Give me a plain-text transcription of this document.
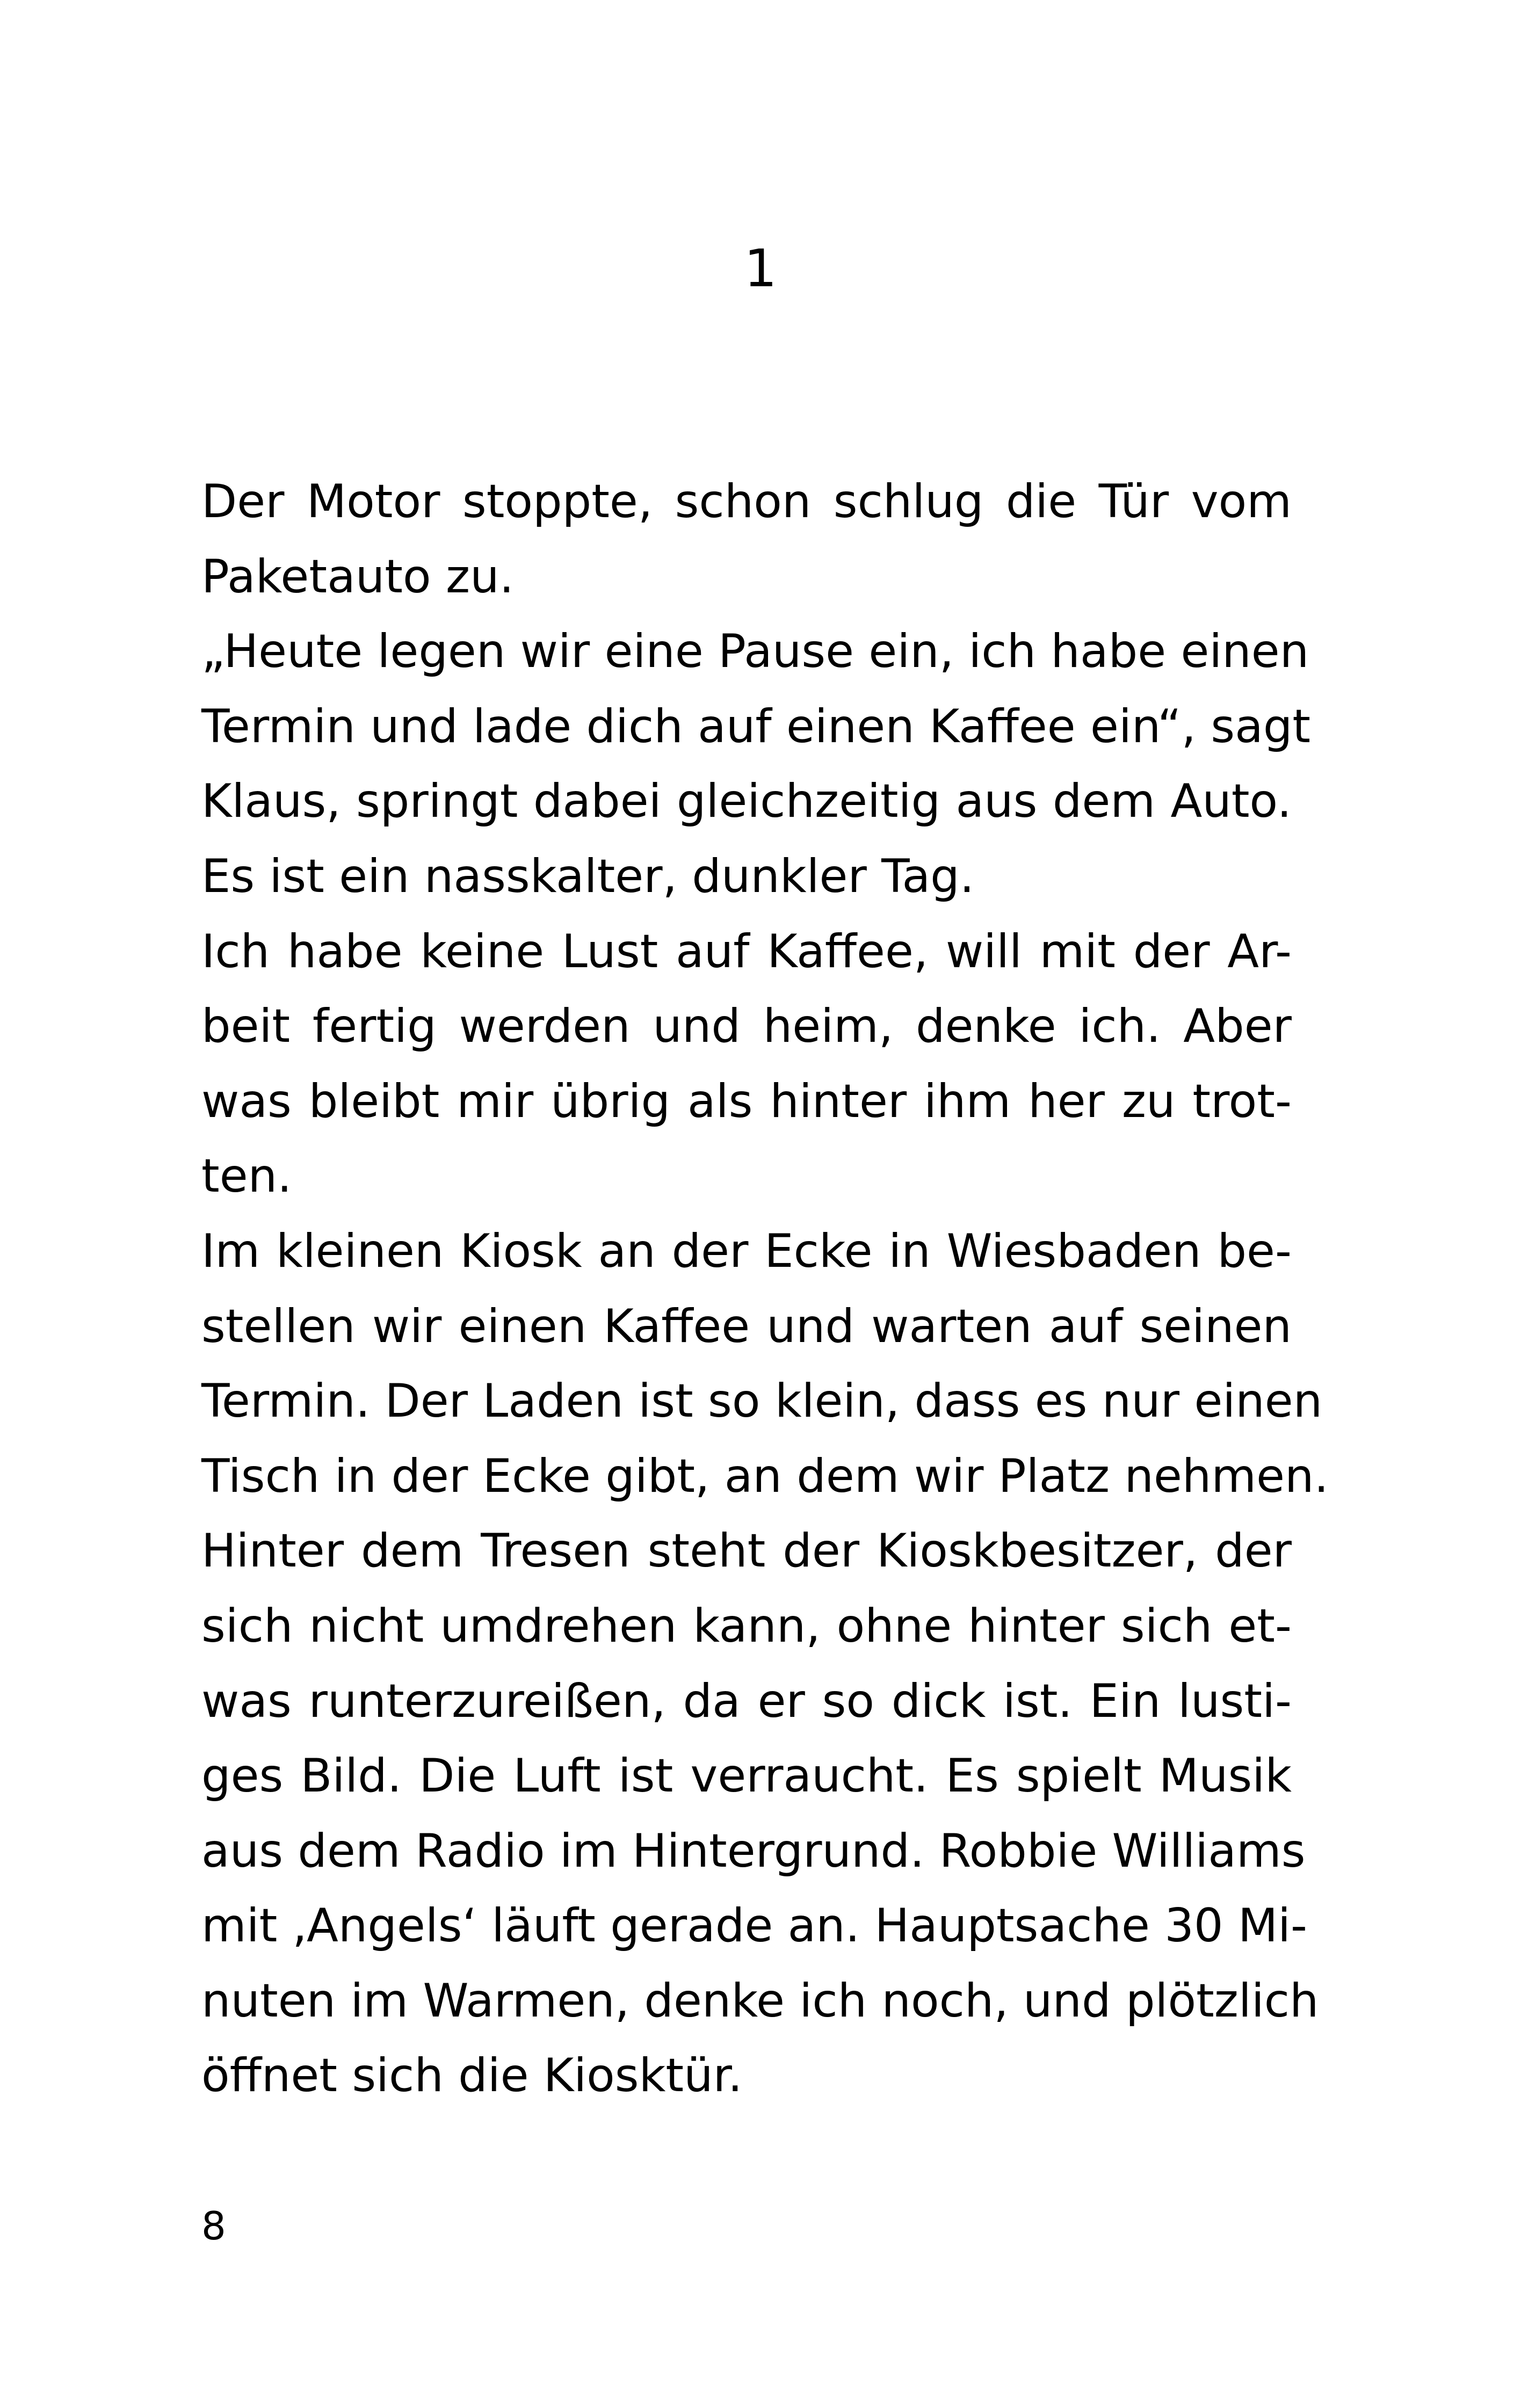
1
Der Motor stoppte, schon schlug die Tür vom
Paketauto zu.
„Heute legen wir eine Pause ein, ich habe einen
Termin und lade dich auf einen Kaffee ein“, sagt
Klaus, springt dabei gleichzeitig aus dem Auto.
Es ist ein nasskalter, dunkler Tag.
Ich habe keine Lust auf Kaffee, will mit der Ar-
beit fertig werden und heim, denke ich. Aber
was bleibt mir übrig als hinter ihm her zu trot-
ten.
Im kleinen Kiosk an der Ecke in Wiesbaden be-
stellen wir einen Kaffee und warten auf seinen
Termin. Der Laden ist so klein, dass es nur einen
Tisch in der Ecke gibt, an dem wir Platz nehmen.
Hinter dem Tresen steht der Kioskbesitzer, der
sich nicht umdrehen kann, ohne hinter sich et-
was runterzureißen, da er so dick ist. Ein lusti-
ges Bild. Die Luft ist verraucht. Es spielt Musik
aus dem Radio im Hintergrund. Robbie Williams
mit ‚Angels‘ läuft gerade an. Hauptsache 30 Mi-
nuten im Warmen, denke ich noch, und plötzlich
öffnet sich die Kiosktür.
8
